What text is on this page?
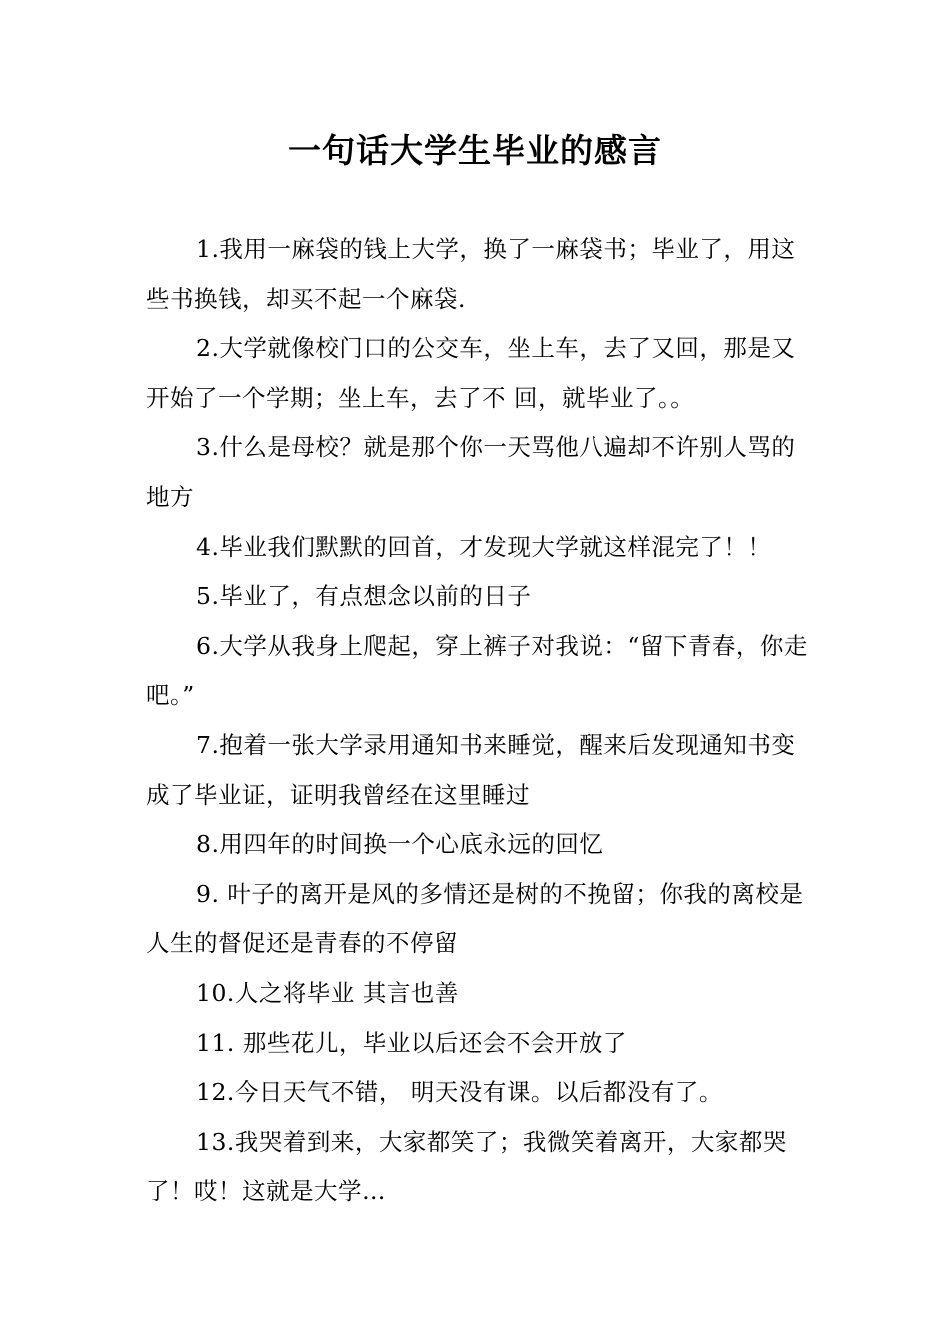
一句话大学生毕业的感言

1.我用一麻袋的钱上大学，换了一麻袋书；毕业了，用这些书换钱，却买不起一个麻袋.

2.大学就像校门口的公交车，坐上车，去了又回，那是又开始了一个学期；坐上车，去了不 回，就毕业了。。

3.什么是母校？就是那个你一天骂他八遍却不许别人骂的地方

4.毕业我们默默的回首，才发现大学就这样混完了！！

5.毕业了，有点想念以前的日子

6.大学从我身上爬起，穿上裤子对我说：“留下青春，你走吧。”

7.抱着一张大学录用通知书来睡觉，醒来后发现通知书变成了毕业证，证明我曾经在这里睡过

8.用四年的时间换一个心底永远的回忆

9. 叶子的离开是风的多情还是树的不挽留；你我的离校是人生的督促还是青春的不停留

10.人之将毕业 其言也善

11. 那些花儿，毕业以后还会不会开放了

12.今日天气不错， 明天没有课。以后都没有了。

13.我哭着到来，大家都笑了；我微笑着离开，大家都哭了！哎！这就是大学…
